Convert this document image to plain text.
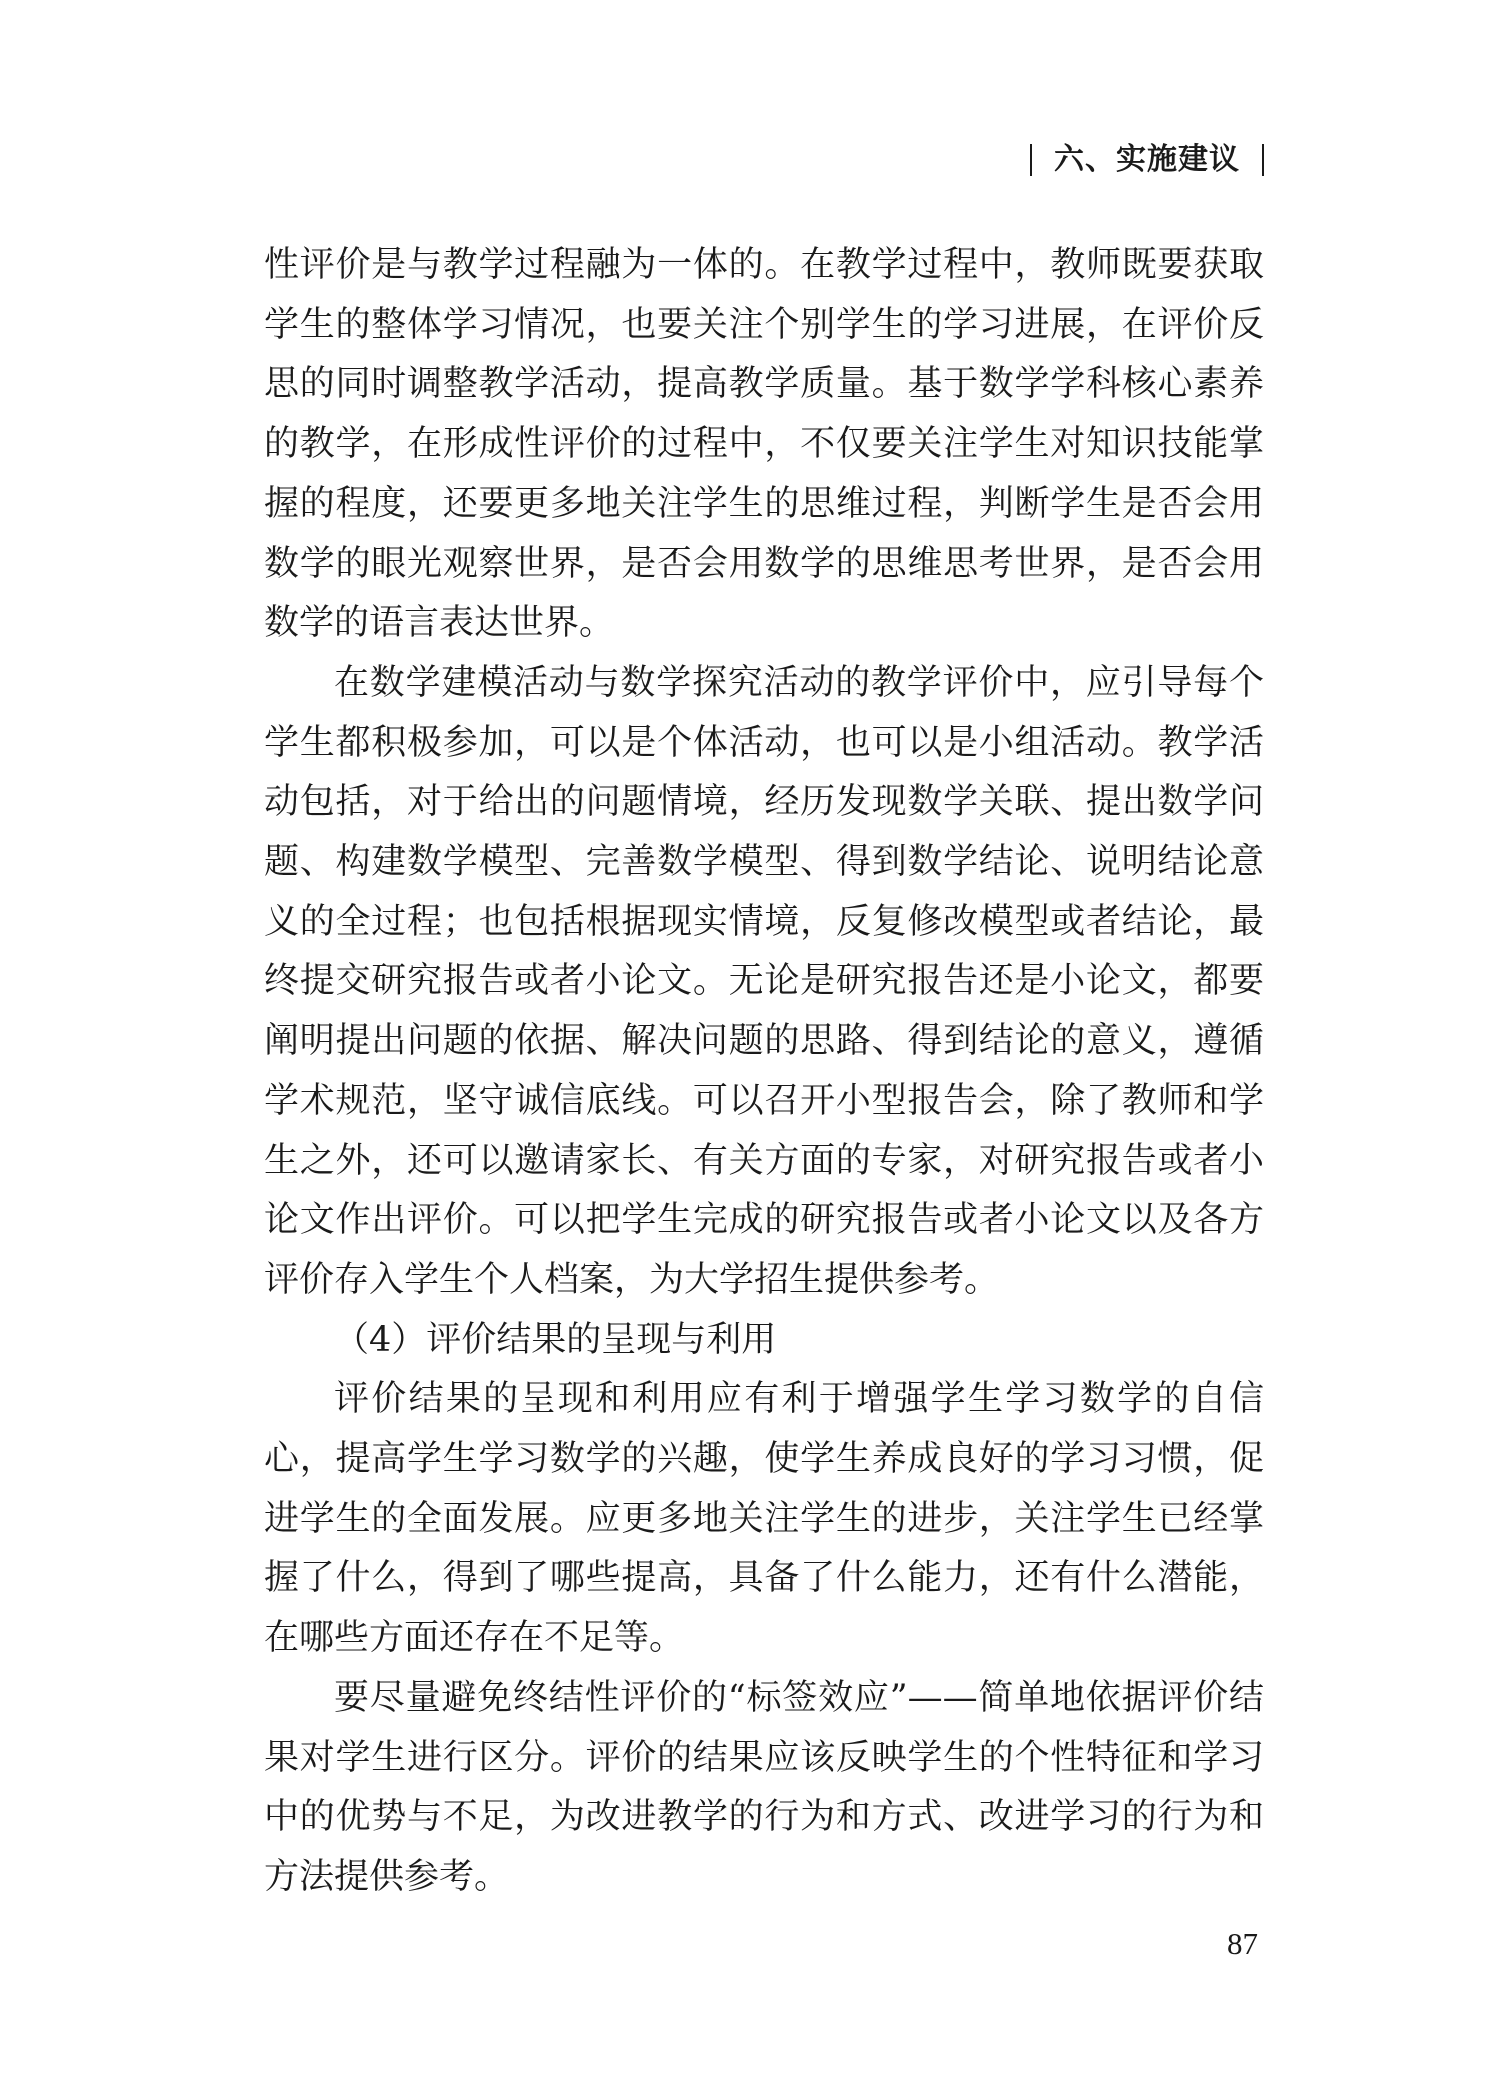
六、实施建议

性评价是与教学过程融为一体的。在教学过程中，教师既要获取学生的整体学习情况，也要关注个别学生的学习进展，在评价反思的同时调整教学活动，提高教学质量。基于数学学科核心素养的教学，在形成性评价的过程中，不仅要关注学生对知识技能掌握的程度，还要更多地关注学生的思维过程，判断学生是否会用数学的眼光观察世界，是否会用数学的思维思考世界，是否会用数学的语言表达世界。

在数学建模活动与数学探究活动的教学评价中，应引导每个学生都积极参加，可以是个体活动，也可以是小组活动。教学活动包括，对于给出的问题情境，经历发现数学关联、提出数学问题、构建数学模型、完善数学模型、得到数学结论、说明结论意义的全过程；也包括根据现实情境，反复修改模型或者结论，最终提交研究报告或者小论文。无论是研究报告还是小论文，都要阐明提出问题的依据、解决问题的思路、得到结论的意义，遵循学术规范，坚守诚信底线。可以召开小型报告会，除了教师和学生之外，还可以邀请家长、有关方面的专家，对研究报告或者小论文作出评价。可以把学生完成的研究报告或者小论文以及各方评价存入学生个人档案，为大学招生提供参考。

（4）评价结果的呈现与利用

评价结果的呈现和利用应有利于增强学生学习数学的自信心，提高学生学习数学的兴趣，使学生养成良好的学习习惯，促进学生的全面发展。应更多地关注学生的进步，关注学生已经掌握了什么，得到了哪些提高，具备了什么能力，还有什么潜能，在哪些方面还存在不足等。

要尽量避免终结性评价的“标签效应”——简单地依据评价结果对学生进行区分。评价的结果应该反映学生的个性特征和学习中的优势与不足，为改进教学的行为和方式、改进学习的行为和方法提供参考。

87
